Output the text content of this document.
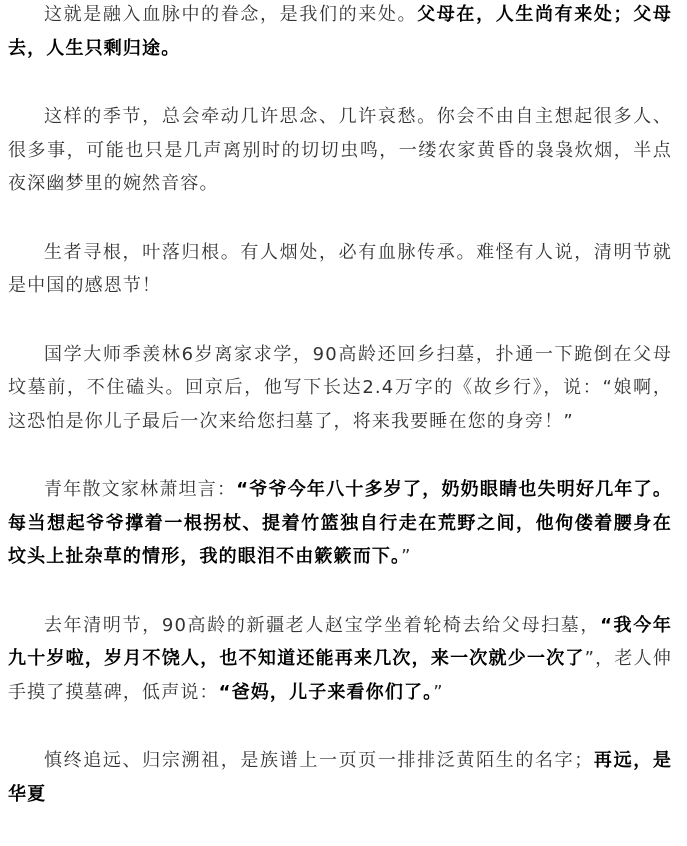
这就是融入血脉中的眷念，是我们的来处。父母在，人生尚有来处；父母去，人生只剩归途。

这样的季节，总会牵动几许思念、几许哀愁。你会不由自主想起很多人、很多事，可能也只是几声离别时的切切虫鸣，一缕农家黄昏的袅袅炊烟，半点夜深幽梦里的婉然音容。

生者寻根，叶落归根。有人烟处，必有血脉传承。难怪有人说，清明节就是中国的感恩节！

国学大师季羡林6岁离家求学，90高龄还回乡扫墓，扑通一下跪倒在父母坟墓前，不住磕头。回京后，他写下长达2.4万字的《故乡行》，说：“娘啊，这恐怕是你儿子最后一次来给您扫墓了，将来我要睡在您的身旁！”

青年散文家林萧坦言：“爷爷今年八十多岁了，奶奶眼睛也失明好几年了。每当想起爷爷撑着一根拐杖、提着竹篮独自行走在荒野之间，他佝偻着腰身在坟头上扯杂草的情形，我的眼泪不由簌簌而下。”

去年清明节，90高龄的新疆老人赵宝学坐着轮椅去给父母扫墓，“我今年九十岁啦，岁月不饶人，也不知道还能再来几次，来一次就少一次了”，老人伸手摸了摸墓碑，低声说：“爸妈，儿子来看你们了。”

慎终追远、归宗溯祖，是族谱上一页页一排排泛黄陌生的名字；再远，是华夏
